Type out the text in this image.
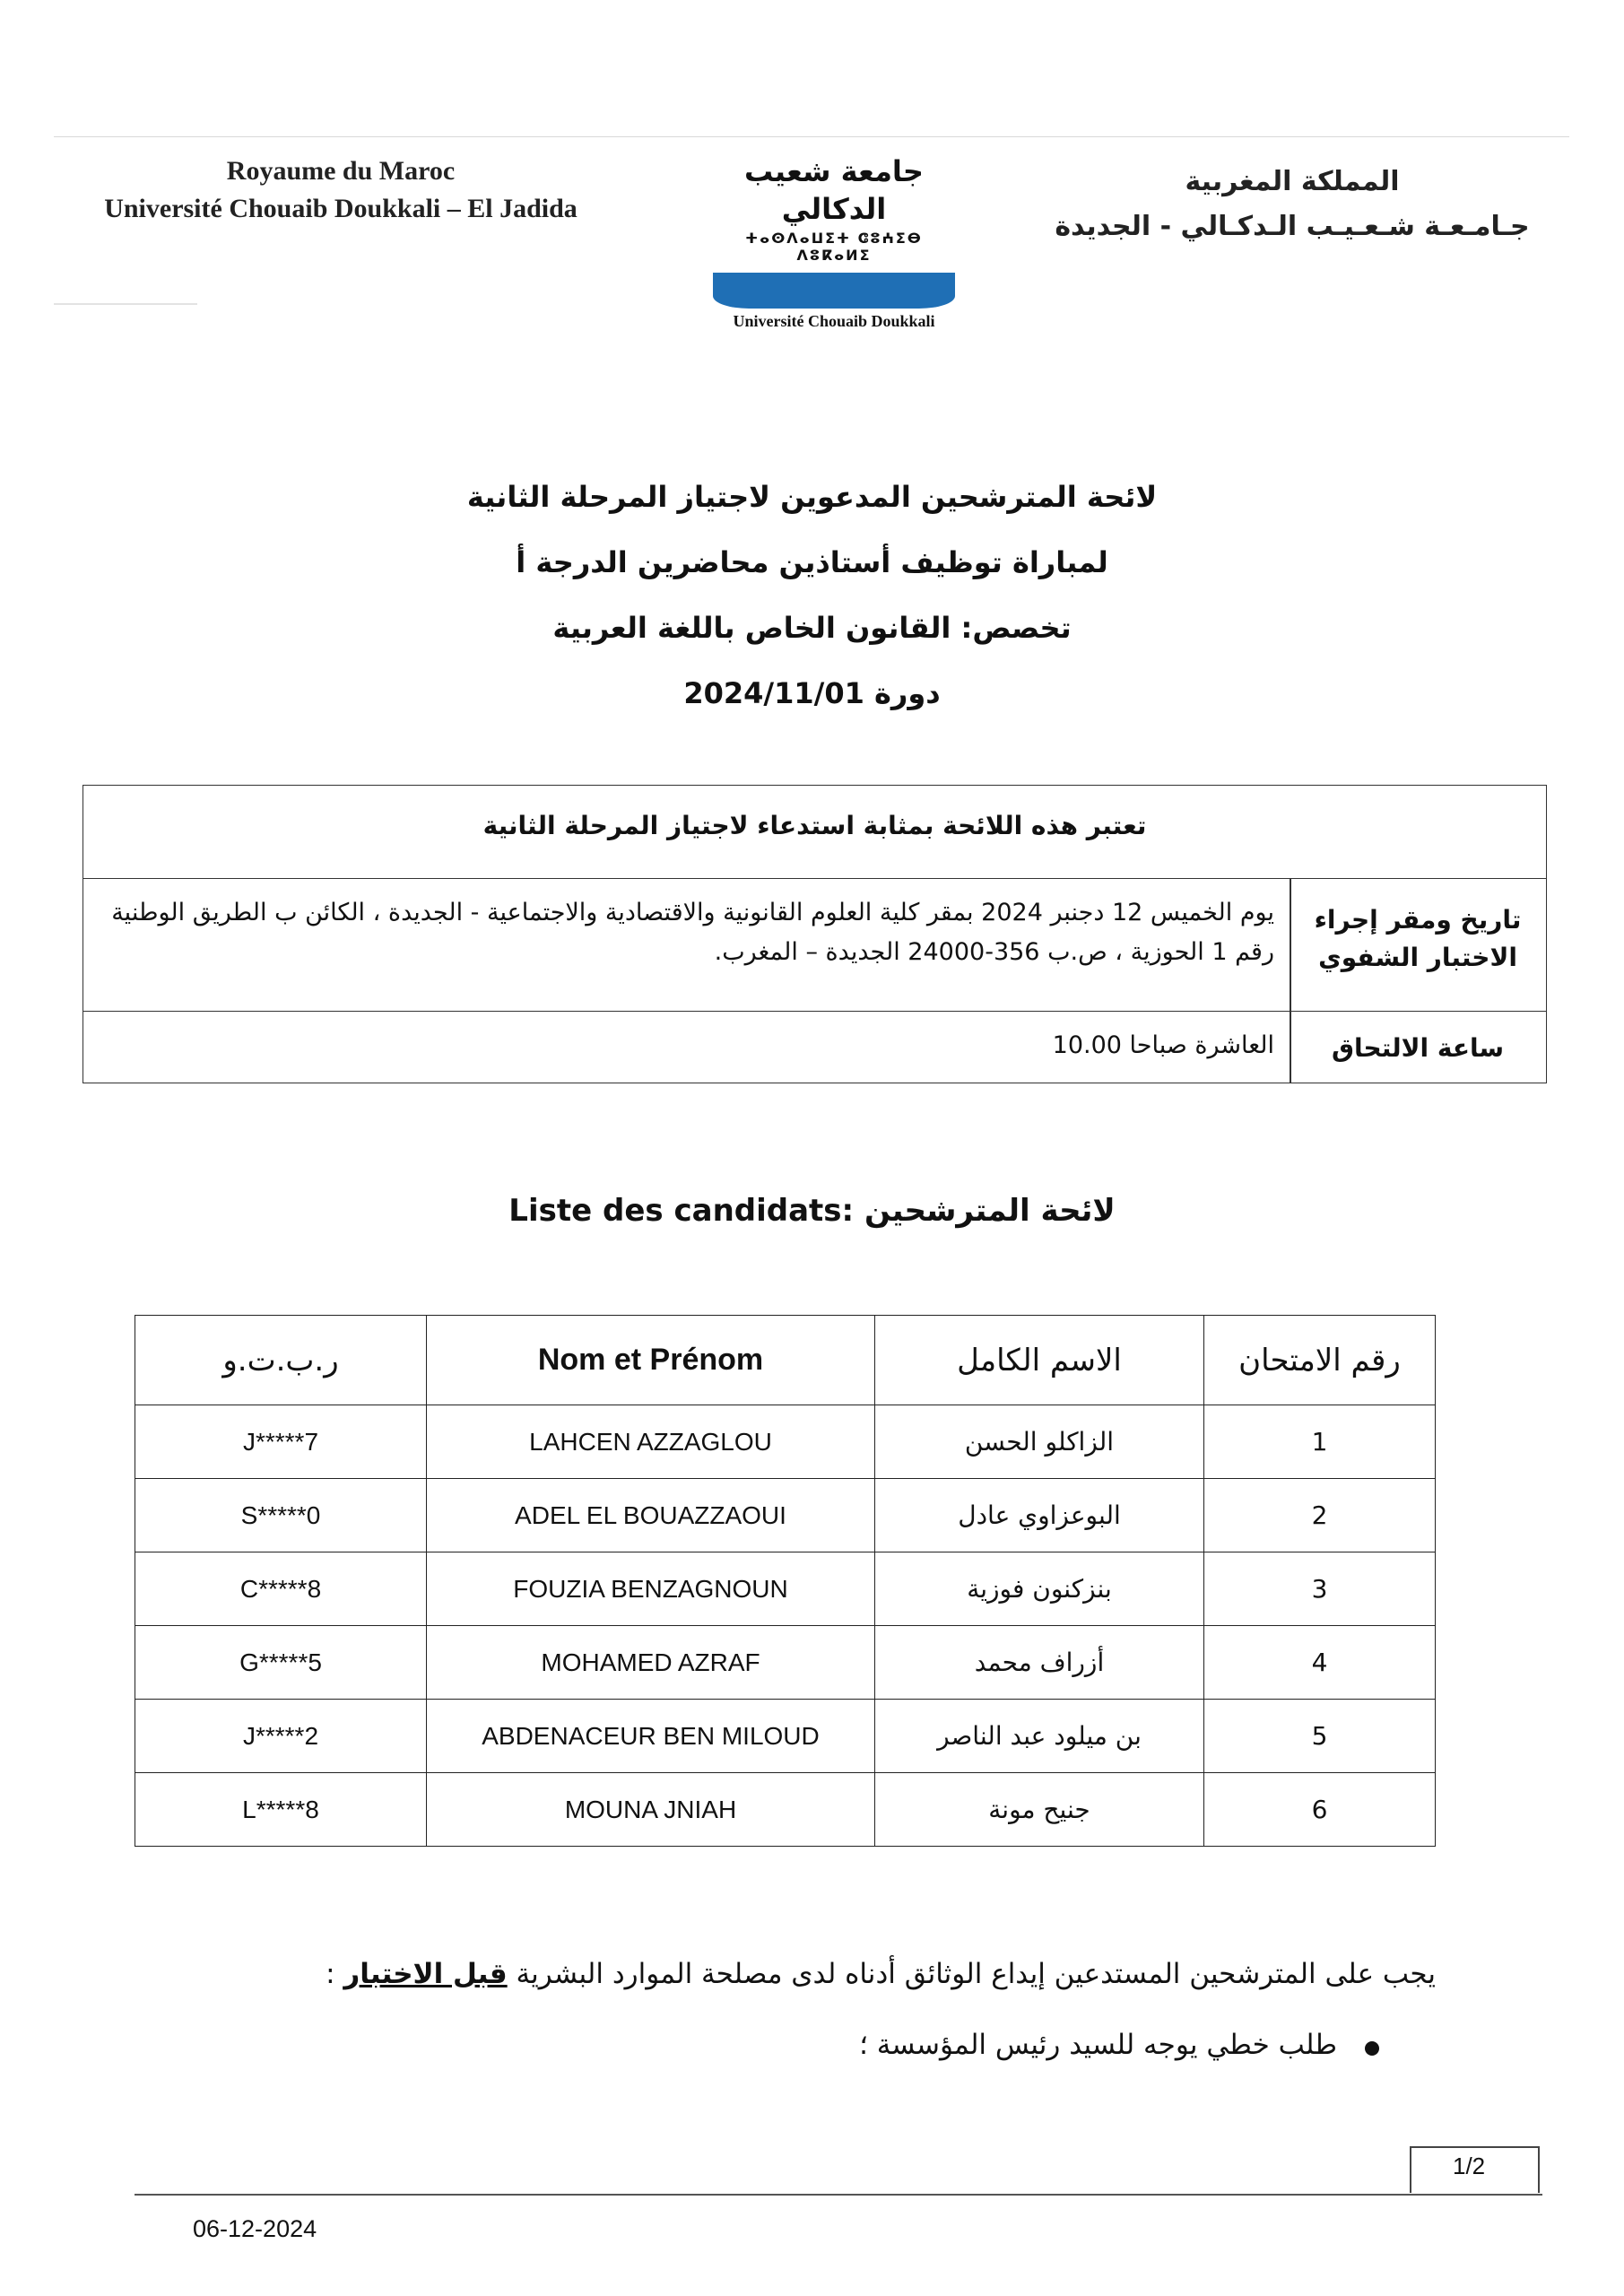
Royaume du Maroc
Université Chouaib Doukkali – El Jadida
جامعة شعيب الدكالي
ⵜⴰⵙⴷⴰⵡⵉⵜ ⵛⵓⵄⵉⴱ ⴷⵓⴽⴰⵍⵉ
Université Chouaib Doukkali
المملكة المغربية
جـامـعـة شـعـيـب الـدكـالي - الجديدة
لائحة المترشحين المدعوين لاجتياز المرحلة الثانية
لمباراة توظيف أستاذين محاضرين الدرجة أ
تخصص: القانون الخاص باللغة العربية
دورة 2024/11/01
تعتبر هذه اللائحة بمثابة استدعاء لاجتياز المرحلة الثانية
تاريخ ومقر إجراء الاختبار الشفوي
يوم الخميس 12 دجنبر 2024 بمقر كلية العلوم القانونية والاقتصادية والاجتماعية - الجديدة ، الكائن ب الطريق الوطنية رقم 1 الحوزية ، ص.ب 356-24000 الجديدة – المغرب.
ساعة الالتحاق
العاشرة صباحا 10.00
Liste des candidats: لائحة المترشحين
ر.ب.ت.و	Nom et Prénom	الاسم الكامل	رقم الامتحان
J*****7	LAHCEN AZZAGLOU	الزاكلو الحسن	1
S*****0	ADEL EL BOUAZZAOUI	البوعزاوي عادل	2
C*****8	FOUZIA BENZAGNOUN	بنزكنون فوزية	3
G*****5	MOHAMED AZRAF	أزراف محمد	4
J*****2	ABDENACEUR BEN MILOUD	بن ميلود عبد الناصر	5
L*****8	MOUNA JNIAH	جنيح مونة	6
يجب على المترشحين المستدعين إيداع الوثائق أدناه لدى مصلحة الموارد البشرية قبل الاختبار :
طلب خطي يوجه للسيد رئيس المؤسسة ؛
1/2
06-12-2024
